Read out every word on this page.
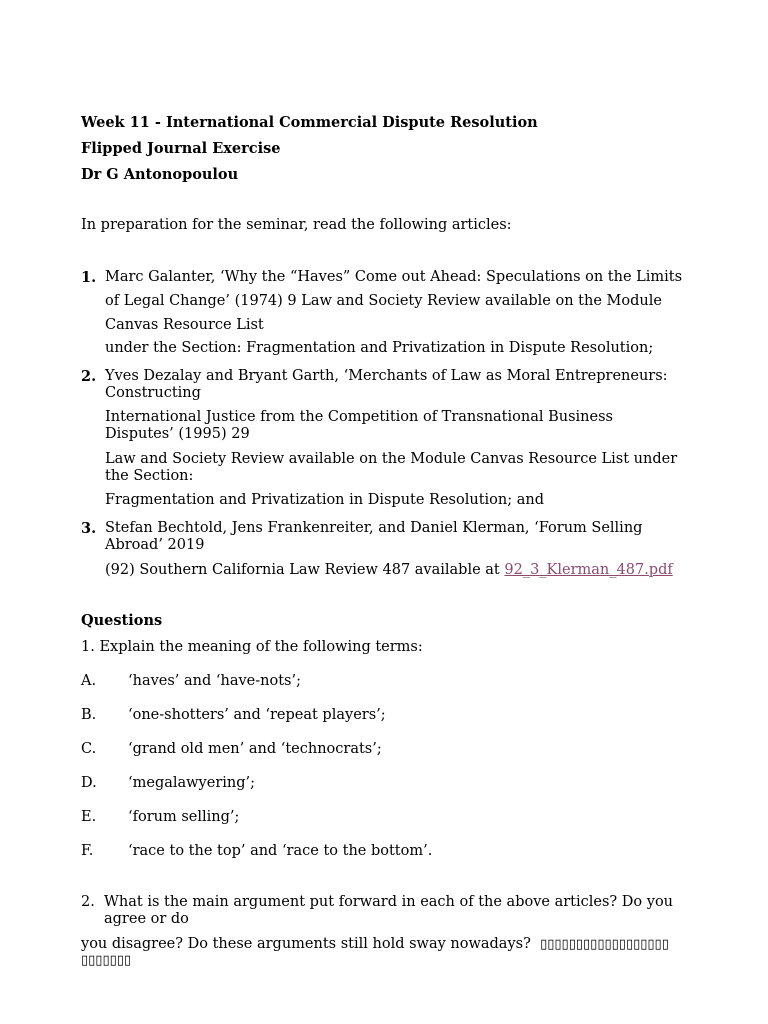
Week 11 - International Commercial Dispute Resolution
Flipped Journal Exercise
Dr G Antonopoulou
In preparation for the seminar, read the following articles:
1. Marc Galanter, ‘Why the “Haves” Come out Ahead: Speculations on the Limits
of Legal Change’ (1974) 9 Law and Society Review available on the Module
Canvas Resource List
under the Section: Fragmentation and Privatization in Dispute Resolution;
2. Yves Dezalay and Bryant Garth, ‘Merchants of Law as Moral Entrepreneurs:
Constructing
International Justice from the Competition of Transnational Business
Disputes’ (1995) 29
Law and Society Review available on the Module Canvas Resource List under
the Section:
Fragmentation and Privatization in Dispute Resolution; and
3. Stefan Bechtold, Jens Frankenreiter, and Daniel Klerman, ‘Forum Selling
Abroad’ 2019
(92) Southern California Law Review 487 available at 92_3_Klerman_487.pdf
Questions
1. Explain the meaning of the following terms:
A. ‘haves’ and ‘have-nots’;
B. ‘one-shotters’ and ‘repeat players’;
C. ‘grand old men’ and ‘technocrats’;
D. ‘megalawyering’;
E. ‘forum selling’;
F. ‘race to the top’ and ‘race to the bottom’.
2. What is the main argument put forward in each of the above articles? Do you
agree or do
you disagree? Do these arguments still hold sway nowadays? ▯▯▯▯▯▯▯▯▯▯▯▯▯▯▯▯▯▯
▯▯▯▯▯▯▯
